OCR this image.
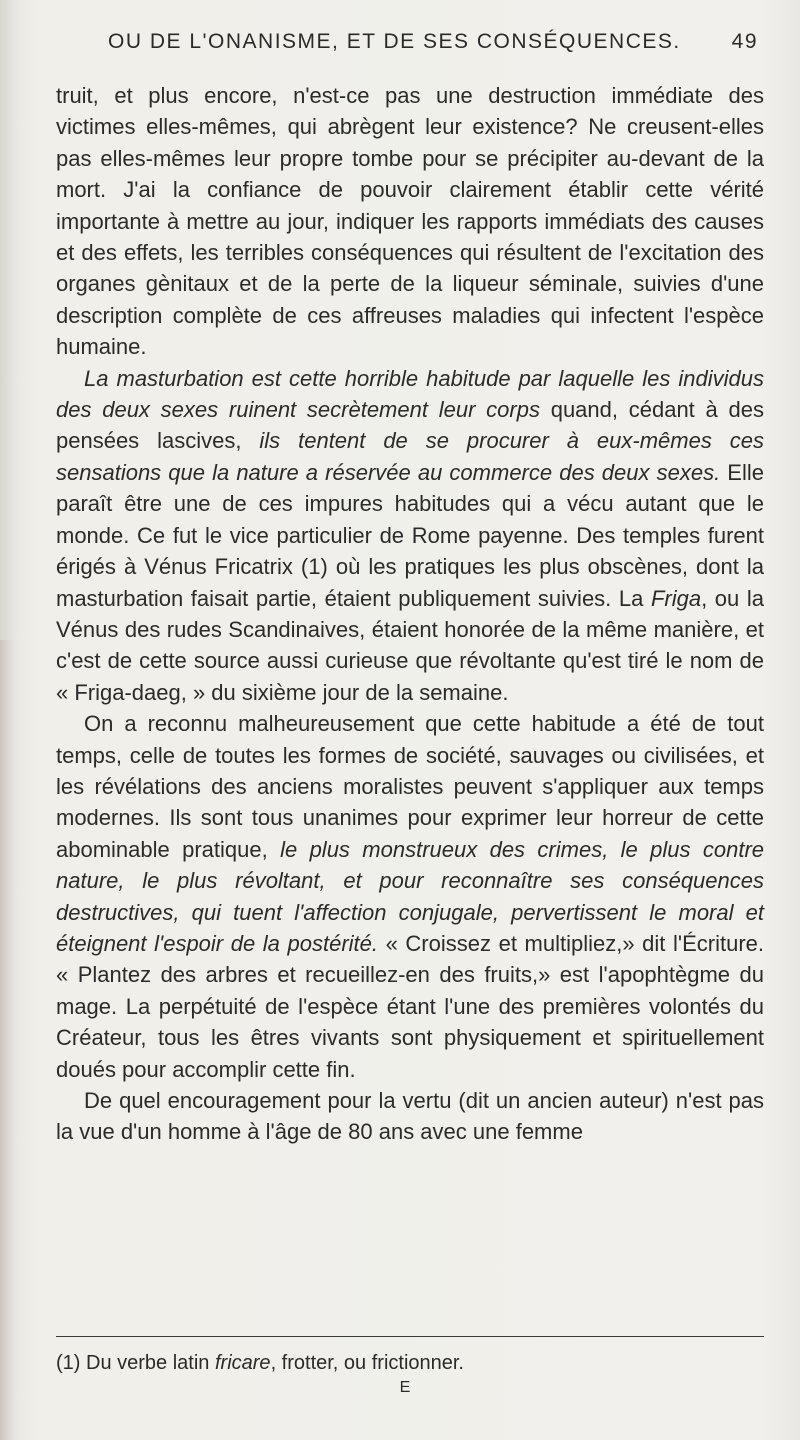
OU DE L'ONANISME, ET DE SES CONSÉQUENCES. 49

truit, et plus encore, n'est-ce pas une destruction immédiate des victimes elles-mêmes, qui abrègent leur existence? Ne creusent-elles pas elles-mêmes leur propre tombe pour se précipiter au-devant de la mort. J'ai la confiance de pouvoir clairement établir cette vérité importante à mettre au jour, indiquer les rapports immédiats des causes et des effets, les terribles conséquences qui résultent de l'excitation des organes gènitaux et de la perte de la liqueur séminale, suivies d'une description complète de ces affreuses maladies qui infectent l'espèce humaine.

La masturbation est cette horrible habitude par laquelle les individus des deux sexes ruinent secrètement leur corps quand, cédant à des pensées lascives, ils tentent de se procurer à eux-mêmes ces sensations que la nature a réservée au commerce des deux sexes. Elle paraît être une de ces impures habitudes qui a vécu autant que le monde. Ce fut le vice particulier de Rome payenne. Des temples furent érigés à Vénus Fricatrix (1) où les pratiques les plus obscènes, dont la masturbation faisait partie, étaient publiquement suivies. La Friga, ou la Vénus des rudes Scandinaives, étaient honorée de la même manière, et c'est de cette source aussi curieuse que révoltante qu'est tiré le nom de « Friga-daeg, » du sixième jour de la semaine.

On a reconnu malheureusement que cette habitude a été de tout temps, celle de toutes les formes de société, sauvages ou civilisées, et les révélations des anciens moralistes peuvent s'appliquer aux temps modernes. Ils sont tous unanimes pour exprimer leur horreur de cette abominable pratique, le plus monstrueux des crimes, le plus contre nature, le plus révoltant, et pour reconnaître ses conséquences destructives, qui tuent l'affection conjugale, pervertissent le moral et éteignent l'espoir de la postérité. « Croissez et multipliez,» dit l'Écriture. « Plantez des arbres et recueillez-en des fruits,» est l'apophtègme du mage. La perpétuité de l'espèce étant l'une des premières volontés du Créateur, tous les êtres vivants sont physiquement et spirituellement doués pour accomplir cette fin.

De quel encouragement pour la vertu (dit un ancien auteur) n'est pas la vue d'un homme à l'âge de 80 ans avec une femme

(1) Du verbe latin fricare, frotter, ou frictionner.
E
